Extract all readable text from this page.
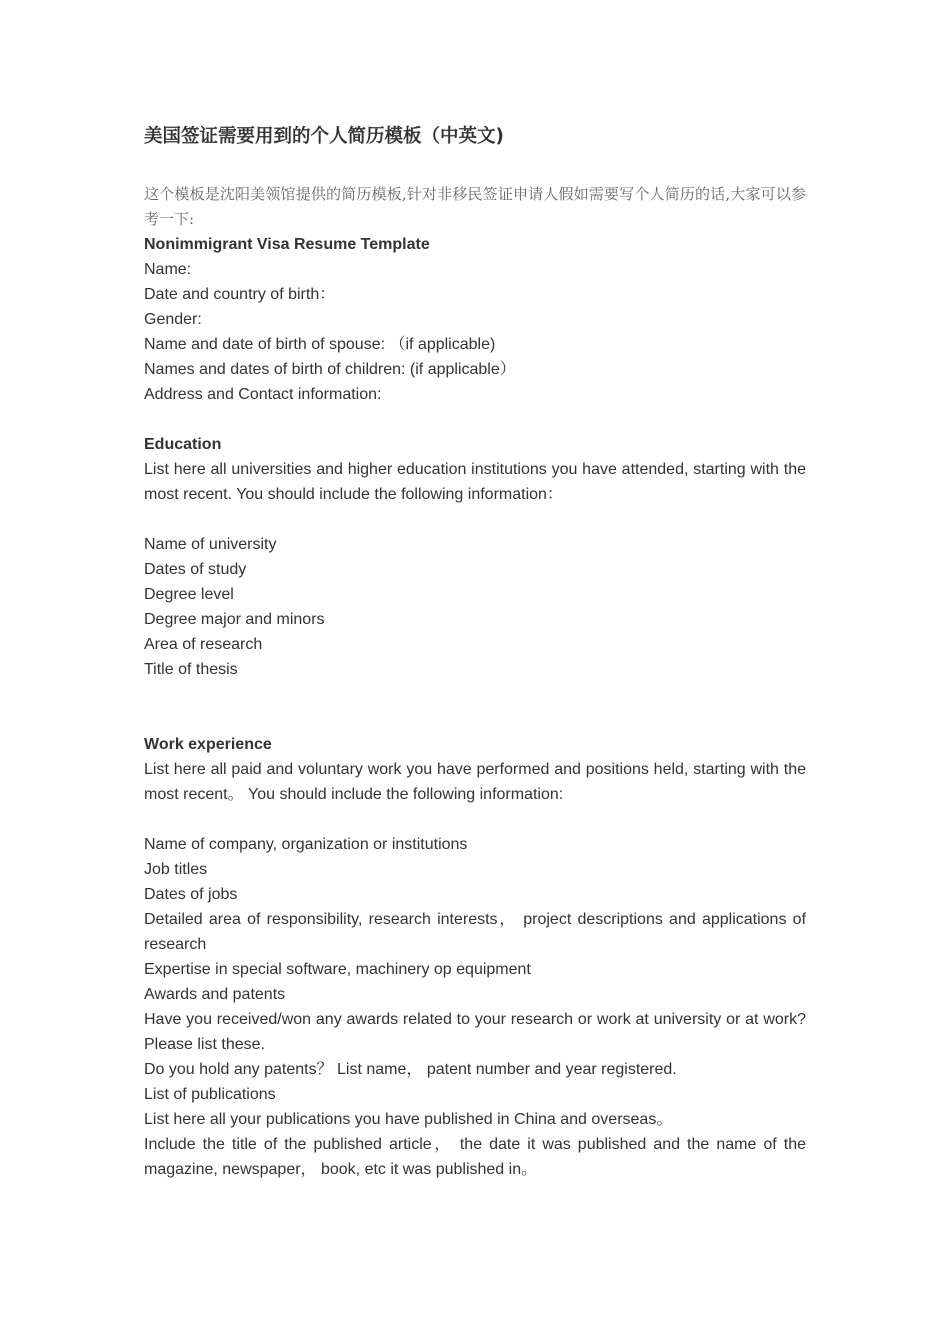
美国签证需要用到的个人简历模板（中英文)

这个模板是沈阳美领馆提供的简历模板,针对非移民签证申请人假如需要写个人简历的话,大家可以参考一下:

Nonimmigrant Visa Resume Template

Name:

Date and country of birth：

Gender:

Name and date of birth of spouse: （if applicable)

Names and dates of birth of children: (if applicable）

Address and Contact information:

Education

List here all universities and higher education institutions you have attended, starting with the most recent. You should include the following information：

Name of university

Dates of study

Degree level

Degree major and minors

Area of research

Title of thesis

Work experience

List here all paid and voluntary work you have performed and positions held, starting with the most recent。 You should include the following information:

Name of company, organization or institutions

Job titles

Dates of jobs

Detailed area of responsibility, research interests， project descriptions and applications of research

Expertise in special software, machinery op equipment

Awards and patents

Have you received/won any awards related to your research or work at university or at work? Please list these.

Do you hold any patents？ List name， patent number and year registered.

List of publications

List here all your publications you have published in China and overseas。

Include the title of the published article， the date it was published and the name of the magazine, newspaper， book, etc it was published in。
